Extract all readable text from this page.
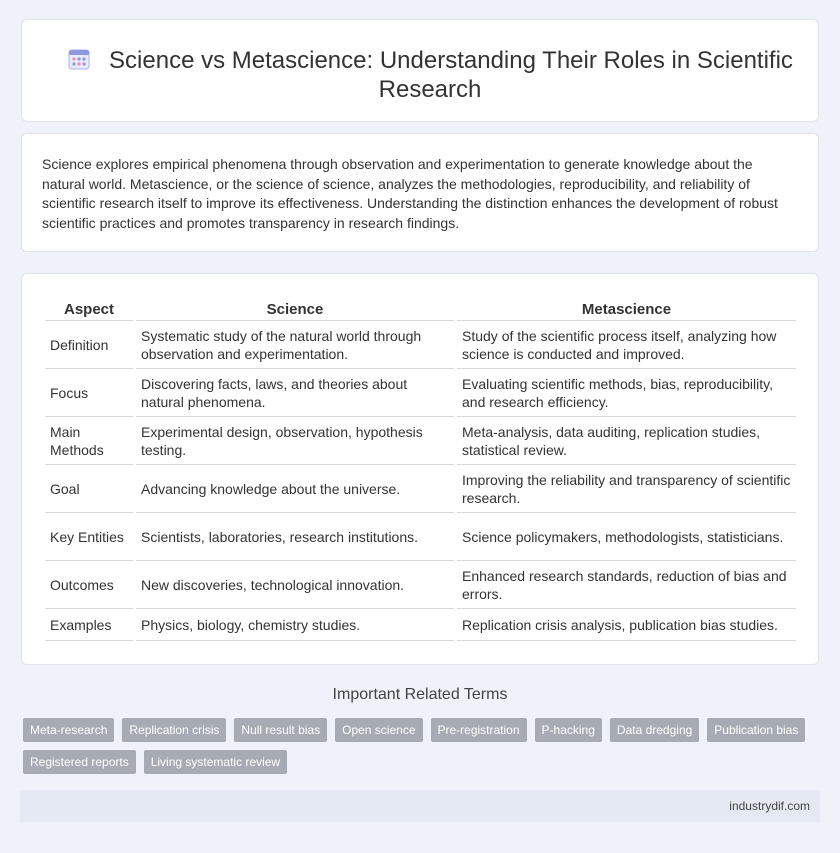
Science vs Metascience: Understanding Their Roles in Scientific Research

Science explores empirical phenomena through observation and experimentation to generate knowledge about the natural world. Metascience, or the science of science, analyzes the methodologies, reproducibility, and reliability of scientific research itself to improve its effectiveness. Understanding the distinction enhances the development of robust scientific practices and promotes transparency in research findings.

Aspect	Science	Metascience
Definition	Systematic study of the natural world through observation and experimentation.	Study of the scientific process itself, analyzing how science is conducted and improved.
Focus	Discovering facts, laws, and theories about natural phenomena.	Evaluating scientific methods, bias, reproducibility, and research efficiency.
Main Methods	Experimental design, observation, hypothesis testing.	Meta-analysis, data auditing, replication studies, statistical review.
Goal	Advancing knowledge about the universe.	Improving the reliability and transparency of scientific research.
Key Entities	Scientists, laboratories, research institutions.	Science policymakers, methodologists, statisticians.
Outcomes	New discoveries, technological innovation.	Enhanced research standards, reduction of bias and errors.
Examples	Physics, biology, chemistry studies.	Replication crisis analysis, publication bias studies.
Important Related Terms
Meta-research	Replication crisis	Null result bias	Open science	Pre-registration	P-hacking	Data dredging	Publication bias
Registered reports	Living systematic review
industrydif.com
